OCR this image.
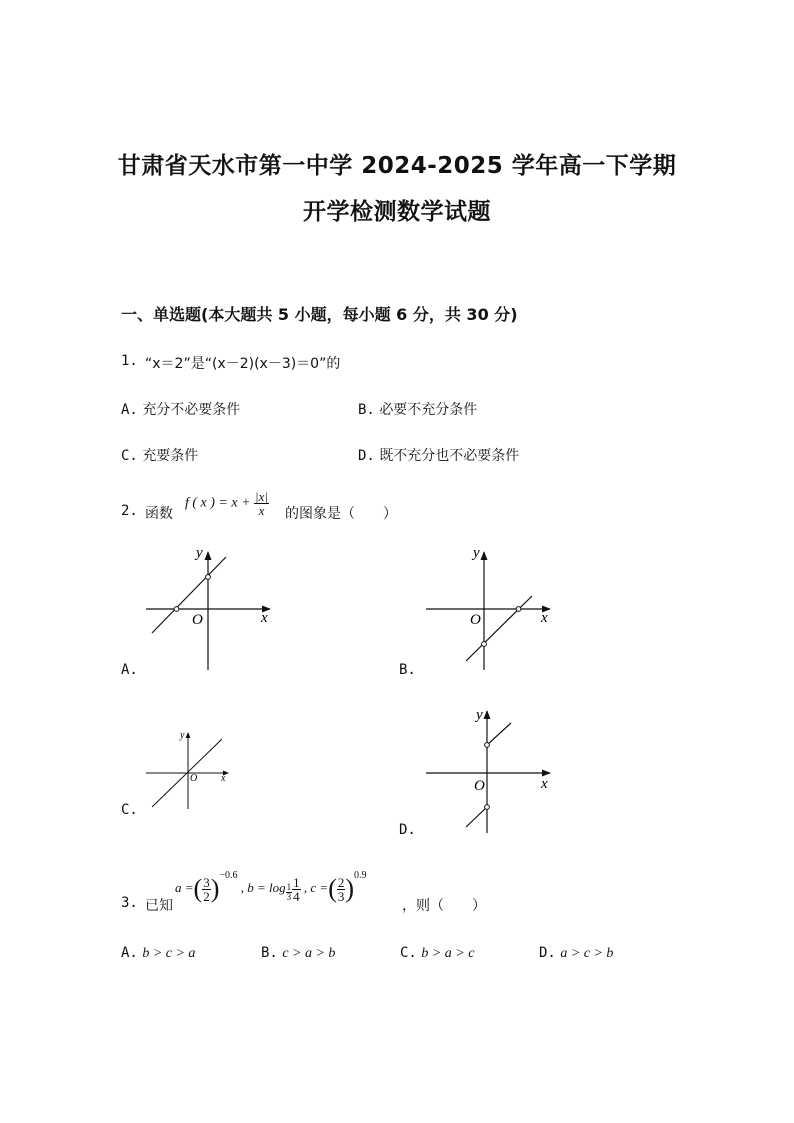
甘肃省天水市第一中学 2024-2025 学年高一下学期
开学检测数学试题
一、单选题(本大题共 5 小题，每小题 6 分，共 30 分)
1. “x＝2”是“(x－2)(x－3)＝0”的
A. 充分不必要条件	B. 必要不充分条件
C. 充要条件	D. 既不充分也不必要条件
2. 函数
f ( x ) = $x + \frac{|x|}{x}$ 的图象是（　　）
x
y
O
A.
x
y
O
B.
x
y
O
C.
x
y
O
D.
3. 已知
a =( $\frac{3}{2} )^{-0.6}$ , $b = \log \frac{1}{3} \frac{1}{4}$ , c =( $\frac{2}{3} )^{0.9}$
，则（　　）
A. b > c > a	B. c > a > b	C. b > a > c	D. a > c > b
